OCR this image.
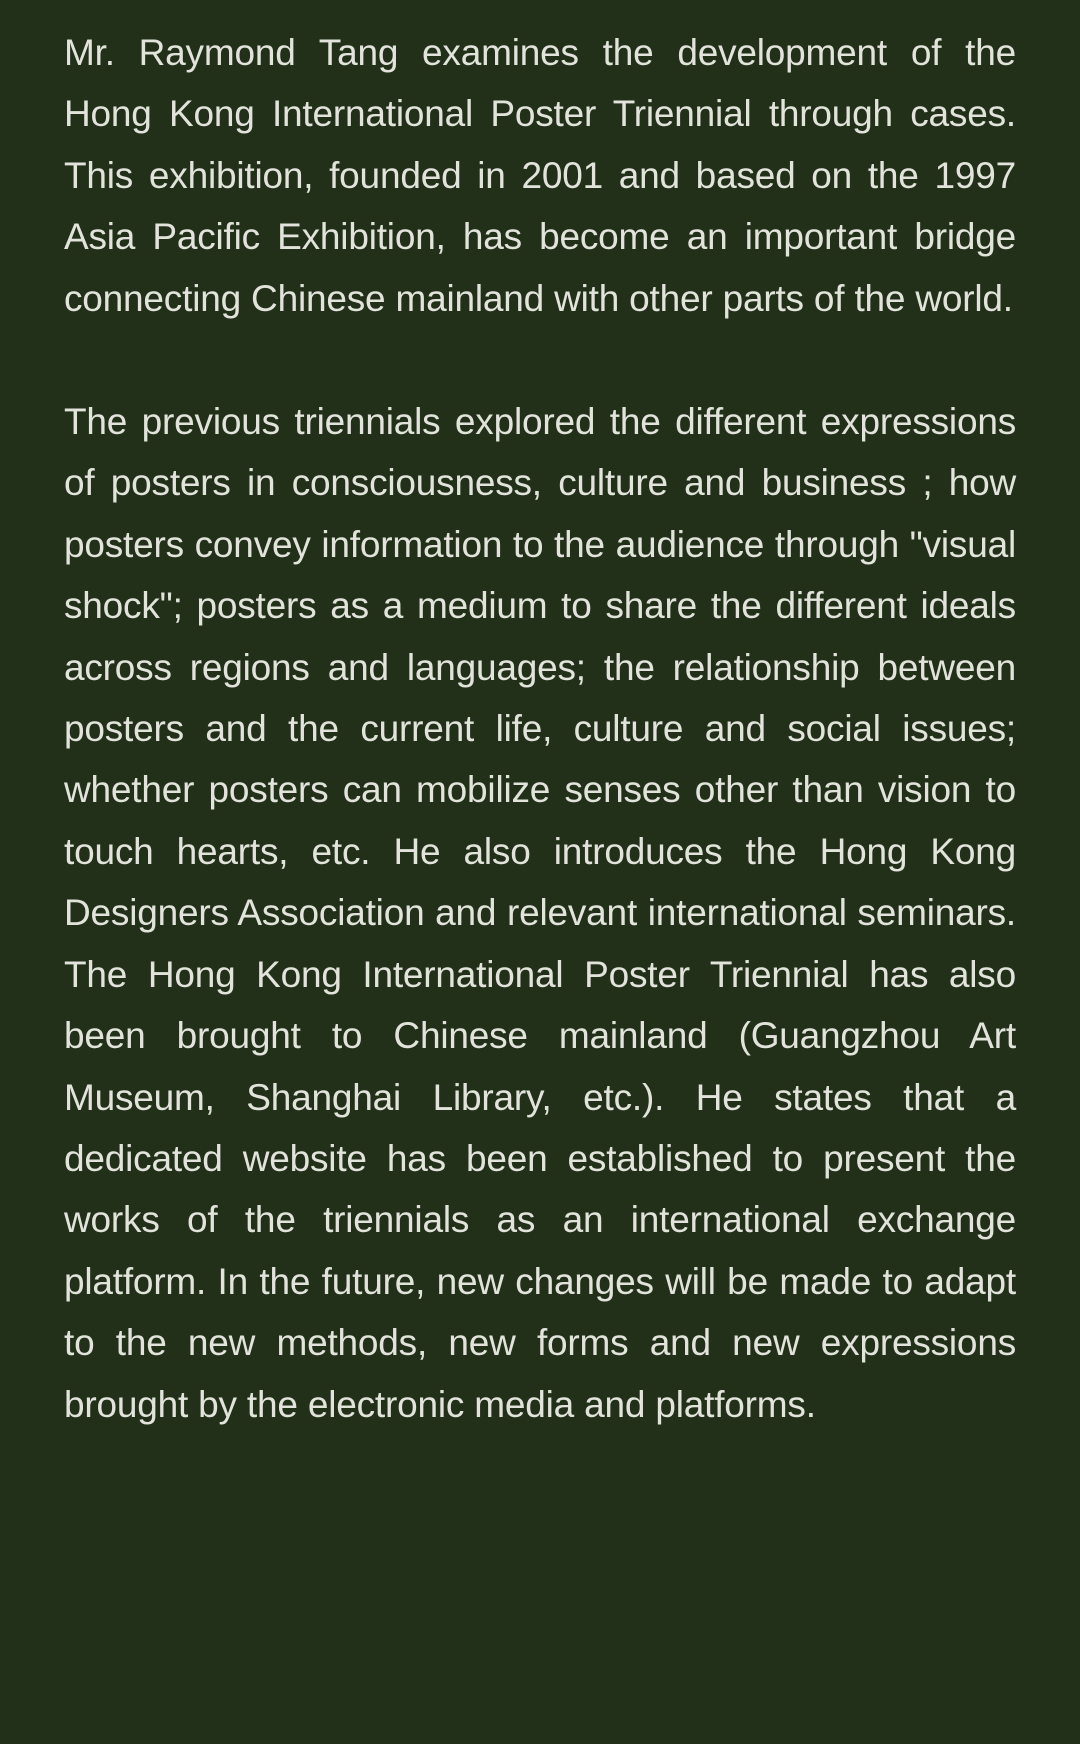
Mr. Raymond Tang examines the development of the Hong Kong International Poster Triennial through cases. This exhibition, founded in 2001 and based on the 1997 Asia Pacific Exhibition, has become an important bridge connecting Chinese mainland with other parts of the world.

The previous triennials explored the different expressions of posters in consciousness, culture and business ; how posters convey information to the audience through "visual shock"; posters as a medium to share the different ideals across regions and languages; the relationship between posters and the current life, culture and social issues; whether posters can mobilize senses other than vision to touch hearts, etc. He also introduces the Hong Kong Designers Association and relevant international seminars. The Hong Kong International Poster Triennial has also been brought to Chinese mainland (Guangzhou Art Museum, Shanghai Library, etc.). He states that a dedicated website has been established to present the works of the triennials as an international exchange platform. In the future, new changes will be made to adapt to the new methods, new forms and new expressions brought by the electronic media and platforms.
